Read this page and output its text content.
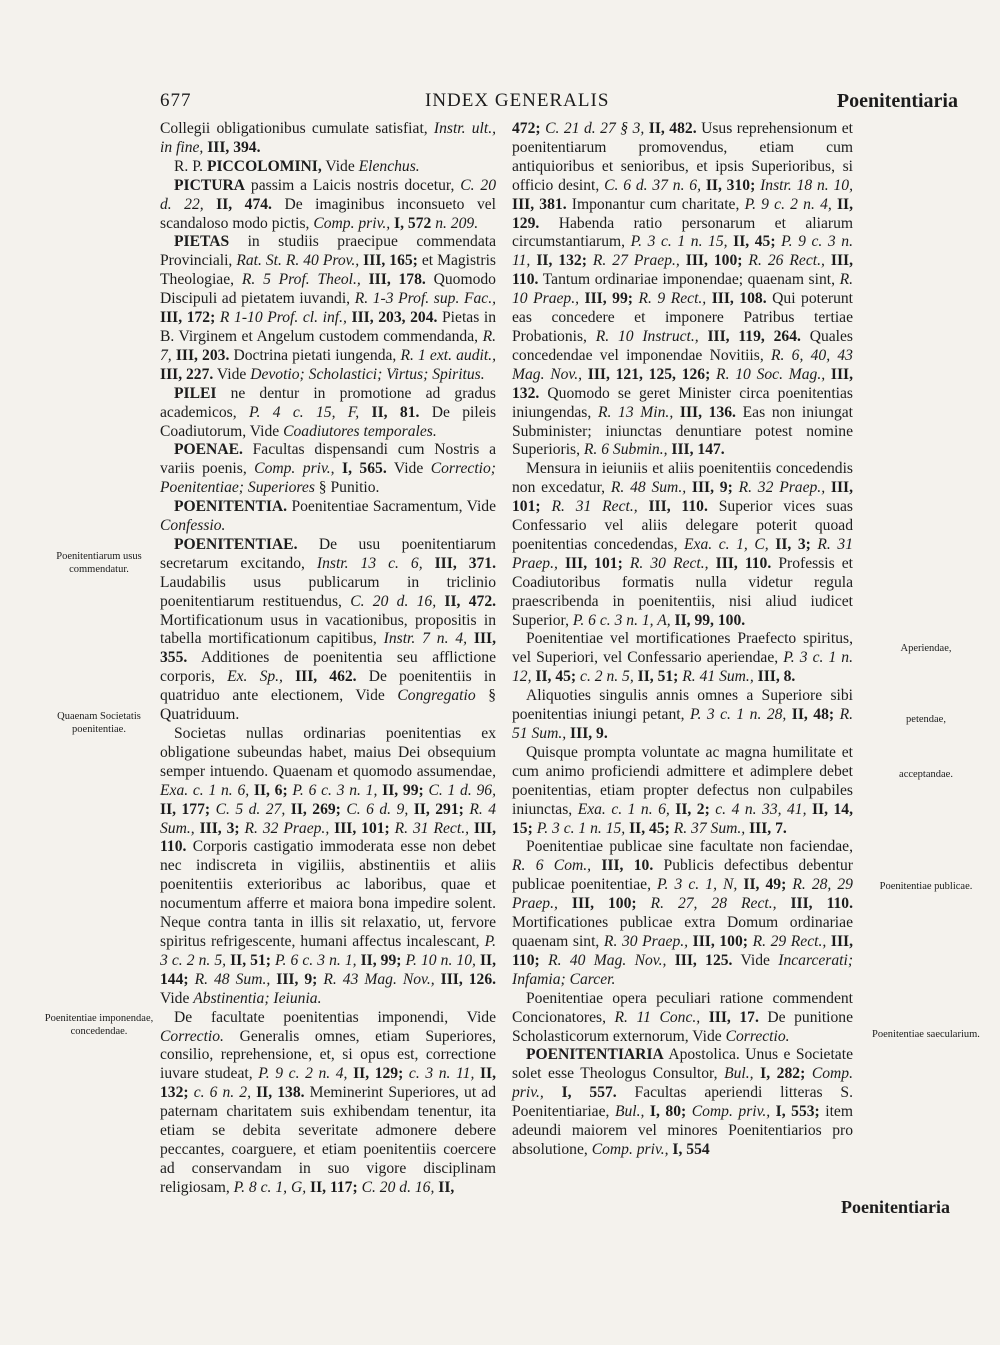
677	INDEX GENERALIS	Poenitentiaria
Poenitentiarum usus commendatur.
Quaenam Societatis poenitentiae.
Poenitentiae imponendae, concedendae.
Aperiendae,
petendae,
acceptandae.
Poenitentiae publicae.
Poenitentiae saecularium.

Collegii obligationibus cumulate satisfiat, Instr. ult., in fine, III, 394.

R. P. PICCOLOMINI, Vide Elenchus.

PICTURA passim a Laicis nostris docetur, C. 20 d. 22, II, 474. De imaginibus inconsueto vel scandaloso modo pictis, Comp. priv., I, 572 n. 209.

PIETAS in studiis praecipue commendata Provinciali, Rat. St. R. 40 Prov., III, 165; et Magistris Theologiae, R. 5 Prof. Theol., III, 178. Quomodo Discipuli ad pietatem iuvandi, R. 1-3 Prof. sup. Fac., III, 172; R 1-10 Prof. cl. inf., III, 203, 204. Pietas in B. Virginem et Angelum custodem commendanda, R. 7, III, 203. Doctrina pietati iungenda, R. 1 ext. audit., III, 227. Vide Devotio; Scholastici; Virtus; Spiritus.

PILEI ne dentur in promotione ad gradus academicos, P. 4 c. 15, F, II, 81. De pileis Coadiutorum, Vide Coadiutores temporales.

POENAE. Facultas dispensandi cum Nostris a variis poenis, Comp. priv., I, 565. Vide Correctio; Poenitentiae; Superiores § Punitio.

POENITENTIA. Poenitentiae Sacramentum, Vide Confessio.

POENITENTIAE. De usu poenitentiarum secretarum excitando, Instr. 13 c. 6, III, 371. Laudabilis usus publicarum in triclinio poenitentiarum restituendus, C. 20 d. 16, II, 472. Mortificationum usus in vacationibus, propositis in tabella mortificationum capitibus, Instr. 7 n. 4, III, 355. Additiones de poenitentia seu afflictione corporis, Ex. Sp., III, 462. De poenitentiis in quatriduo ante electionem, Vide Congregatio § Quatriduum.

Societas nullas ordinarias poenitentias ex obligatione subeundas habet, maius Dei obsequium semper intuendo. Quaenam et quomodo assumendae, Exa. c. 1 n. 6, II, 6; P. 6 c. 3 n. 1, II, 99; C. 1 d. 96, II, 177; C. 5 d. 27, II, 269; C. 6 d. 9, II, 291; R. 4 Sum., III, 3; R. 32 Praep., III, 101; R. 31 Rect., III, 110. Corporis castigatio immoderata esse non debet nec indiscreta in vigiliis, abstinentiis et aliis poenitentiis exterioribus ac laboribus, quae et nocumentum afferre et maiora bona impedire solent. Neque contra tanta in illis sit relaxatio, ut, fervore spiritus refrigescente, humani affectus incalescant, P. 3 c. 2 n. 5, II, 51; P. 6 c. 3 n. 1, II, 99; P. 10 n. 10, II, 144; R. 48 Sum., III, 9; R. 43 Mag. Nov., III, 126. Vide Abstinentia; Ieiunia.

De facultate poenitentias imponendi, Vide Correctio. Generalis omnes, etiam Superiores, consilio, reprehensione, et, si opus est, correctione iuvare studeat, P. 9 c. 2 n. 4, II, 129; c. 3 n. 11, II, 132; c. 6 n. 2, II, 138. Meminerint Superiores, ut ad paternam charitatem suis exhibendam tenentur, ita etiam se debita severitate admonere debere peccantes, coarguere, et etiam poenitentiis coercere ad conservandam in suo vigore disciplinam religiosam, P. 8 c. 1, G, II, 117; C. 20 d. 16, II,

472; C. 21 d. 27 § 3, II, 482. Usus reprehensionum et poenitentiarum promovendus, etiam cum antiquioribus et senioribus, et ipsis Superioribus, si officio desint, C. 6 d. 37 n. 6, II, 310; Instr. 18 n. 10, III, 381. Imponantur cum charitate, P. 9 c. 2 n. 4, II, 129. Habenda ratio personarum et aliarum circumstantiarum, P. 3 c. 1 n. 15, II, 45; P. 9 c. 3 n. 11, II, 132; R. 27 Praep., III, 100; R. 26 Rect., III, 110. Tantum ordinariae imponendae; quaenam sint, R. 10 Praep., III, 99; R. 9 Rect., III, 108. Qui poterunt eas concedere et imponere Patribus tertiae Probationis, R. 10 Instruct., III, 119, 264. Quales concedendae vel imponendae Novitiis, R. 6, 40, 43 Mag. Nov., III, 121, 125, 126; R. 10 Soc. Mag., III, 132. Quomodo se geret Minister circa poenitentias iniungendas, R. 13 Min., III, 136. Eas non iniungat Subminister; iniunctas denuntiare potest nomine Superioris, R. 6 Submin., III, 147.

Mensura in ieiuniis et aliis poenitentiis concedendis non excedatur, R. 48 Sum., III, 9; R. 32 Praep., III, 101; R. 31 Rect., III, 110. Superior vices suas Confessario vel aliis delegare poterit quoad poenitentias concedendas, Exa. c. 1, C, II, 3; R. 31 Praep., III, 101; R. 30 Rect., III, 110. Professis et Coadiutoribus formatis nulla videtur regula praescribenda in poenitentiis, nisi aliud iudicet Superior, P. 6 c. 3 n. 1, A, II, 99, 100.

Poenitentiae vel mortificationes Praefecto spiritus, vel Superiori, vel Confessario aperiendae, P. 3 c. 1 n. 12, II, 45; c. 2 n. 5, II, 51; R. 41 Sum., III, 8.

Aliquoties singulis annis omnes a Superiore sibi poenitentias iniungi petant, P. 3 c. 1 n. 28, II, 48; R. 51 Sum., III, 9.

Quisque prompta voluntate ac magna humilitate et cum animo proficiendi admittere et adimplere debet poenitentias, etiam propter defectus non culpabiles iniunctas, Exa. c. 1 n. 6, II, 2; c. 4 n. 33, 41, II, 14, 15; P. 3 c. 1 n. 15, II, 45; R. 37 Sum., III, 7.

Poenitentiae publicae sine facultate non faciendae, R. 6 Com., III, 10. Publicis defectibus debentur publicae poenitentiae, P. 3 c. 1, N, II, 49; R. 28, 29 Praep., III, 100; R. 27, 28 Rect., III, 110. Mortificationes publicae extra Domum ordinariae quaenam sint, R. 30 Praep., III, 100; R. 29 Rect., III, 110; R. 40 Mag. Nov., III, 125. Vide Incarcerati; Infamia; Carcer.

Poenitentiae opera peculiari ratione commendent Concionatores, R. 11 Conc., III, 17. De punitione Scholasticorum externorum, Vide Correctio.

POENITENTIARIA Apostolica. Unus e Societate solet esse Theologus Consultor, Bul., I, 282; Comp. priv., I, 557. Facultas aperiendi litteras S. Poenitentiariae, Bul., I, 80; Comp. priv., I, 553; item adeundi maiorem vel minores Poenitentiarios pro absolutione, Comp. priv., I, 554

Poenitentiaria
